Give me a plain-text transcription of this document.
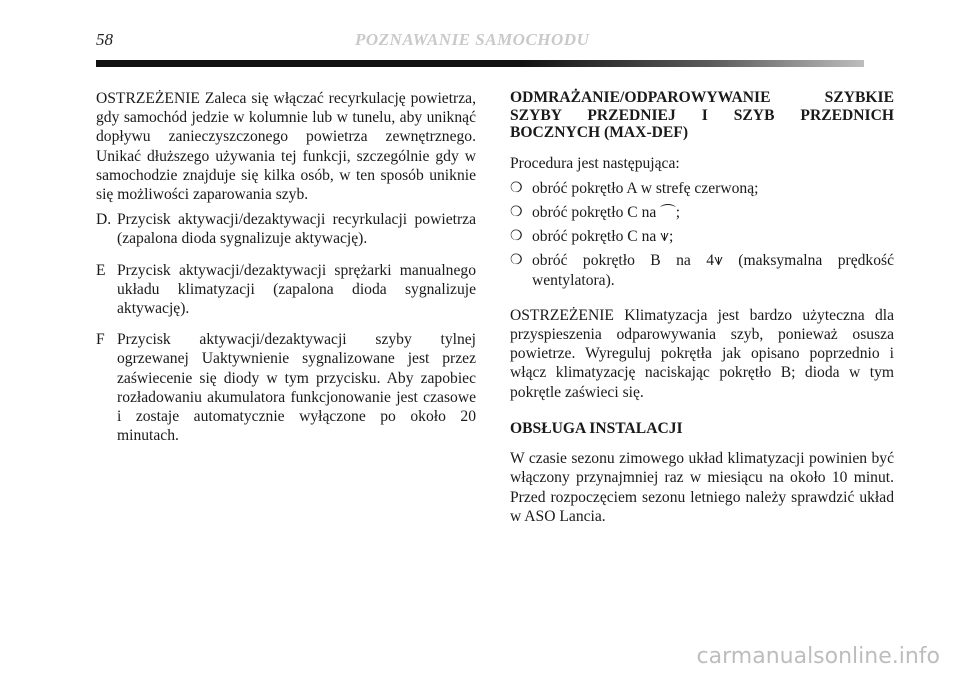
58	POZNAWANIE SAMOCHODU

OSTRZEŻENIE Zaleca się włączać recyrkulację powietrza, gdy samochód jedzie w kolumnie lub w tunelu, aby uniknąć dopływu zanieczyszczonego powietrza zewnętrznego. Unikać dłuższego używania tej funkcji, szczególnie gdy w samochodzie znajduje się kilka osób, w ten sposób uniknie się możliwości zaparowania szyb.

D. Przycisk aktywacji/dezaktywacji recyrkulacji powietrza (zapalona dioda sygnalizuje aktywację).
E Przycisk aktywacji/dezaktywacji sprężarki manualnego układu klimatyzacji (zapalona dioda sygnalizuje aktywację).
F Przycisk aktywacji/dezaktywacji szyby tylnej ogrzewanej Uaktywnienie sygnalizowane jest przez zaświecenie się diody w tym przycisku. Aby zapobiec rozładowaniu akumulatora funkcjonowanie jest czasowe i zostaje automatycznie wyłączone po około 20 minutach.
ODMRAŻANIE/ODPAROWYWANIE SZYBKIE SZYBY PRZEDNIEJ I SZYB PRZEDNICH BOCZNYCH (MAX-DEF)

Procedura jest następująca:

❍ obróć pokrętło A w strefę czerwoną;
❍ obróć pokrętło C na ⌒;
❍ obróć pokrętło C na ⩛;
❍ obróć pokrętło B na 4⩛ (maksymalna prędkość wentylatora).

OSTRZEŻENIE Klimatyzacja jest bardzo użyteczna dla przyspieszenia odparowywania szyb, ponieważ osusza powietrze. Wyreguluj pokrętła jak opisano poprzednio i włącz klimatyzację naciskając pokrętło B; dioda w tym pokrętle zaświeci się.

OBSŁUGA INSTALACJI

W czasie sezonu zimowego układ klimatyzacji powinien być włączony przynajmniej raz w miesiącu na około 10 minut. Przed rozpoczęciem sezonu letniego należy sprawdzić układ w ASO Lancia.

carmanualsonline.info
